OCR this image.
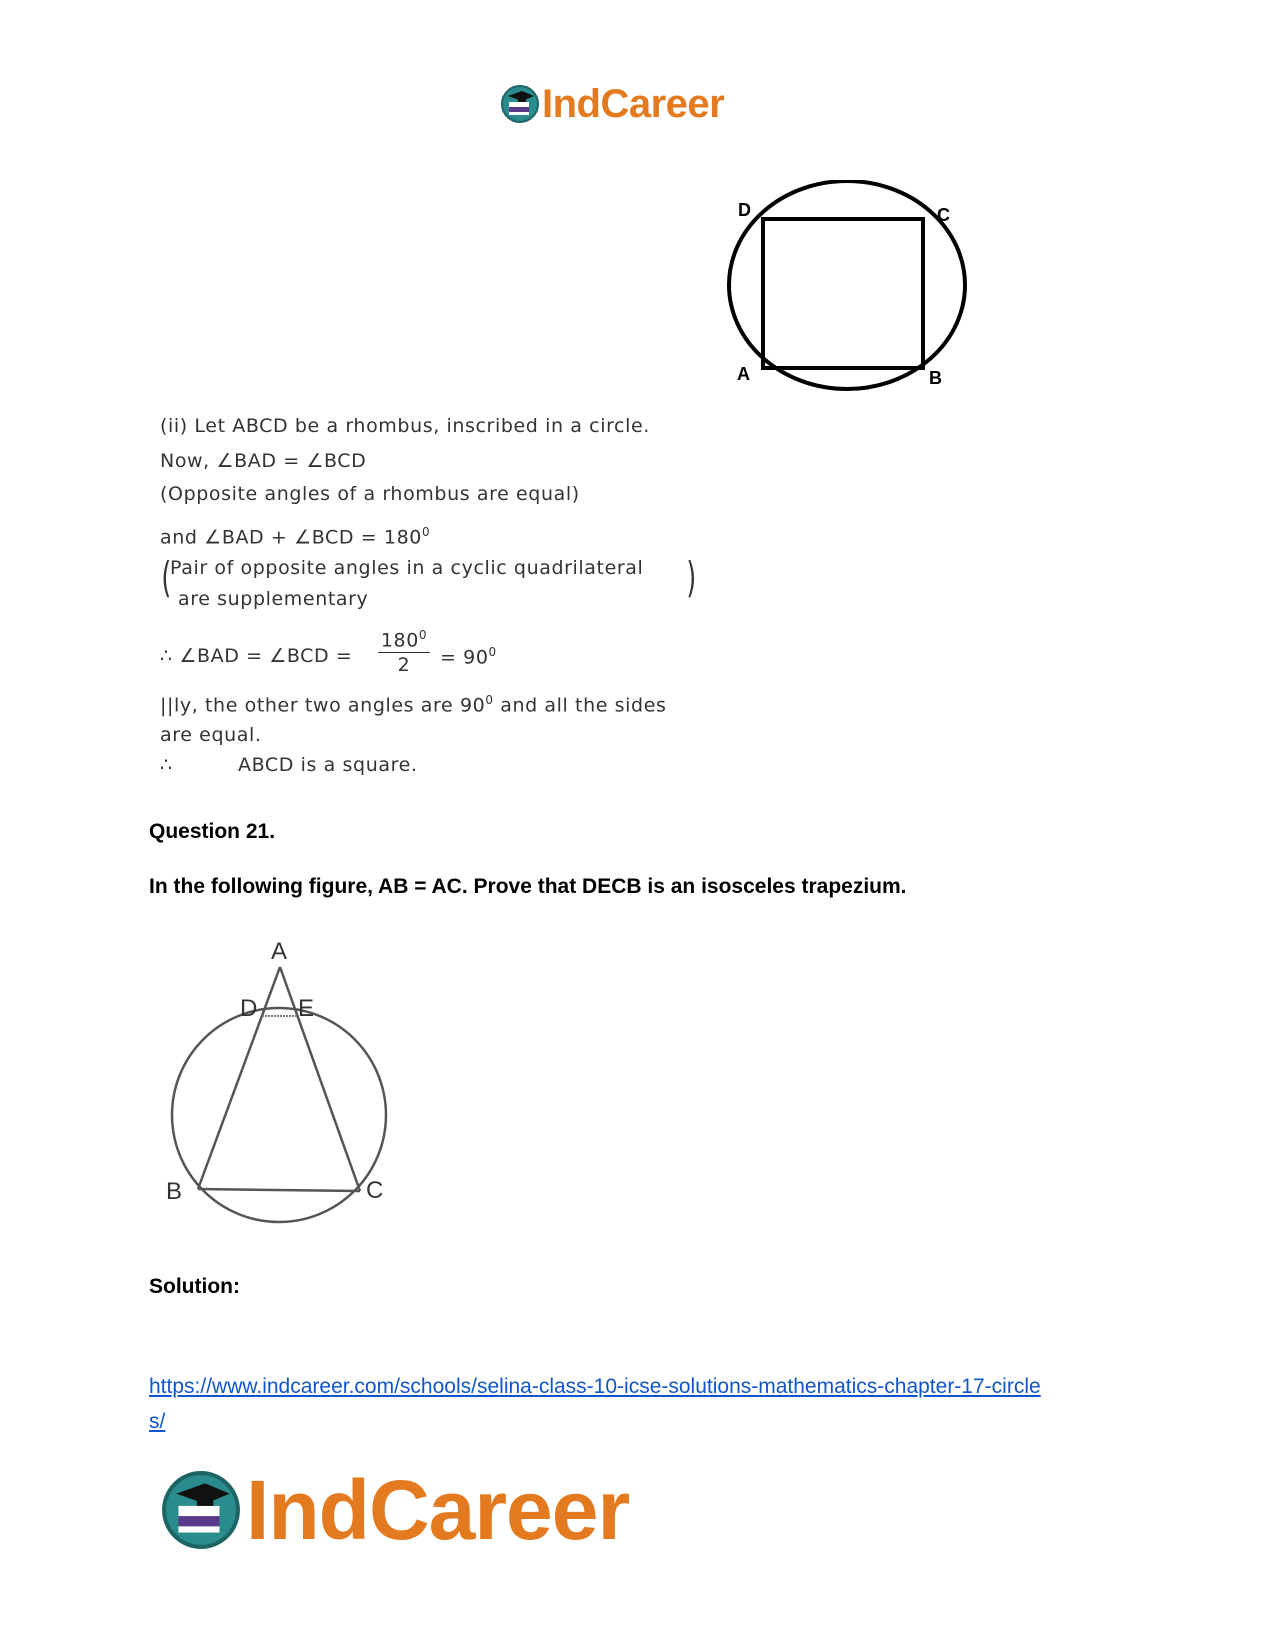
IndCareer
D	C
A	B
(ii) Let ABCD be a rhombus, inscribed in a circle.
Now, ∠BAD = ∠BCD
(Opposite angles of a rhombus are equal)
and ∠BAD + ∠BCD = $180^0$
(
Pair of opposite angles in a cyclic quadrilateral
are supplementary	)
∴ ∠BAD = ∠BCD = $\frac{180^0}{2} = 90^0$
||ly, the other two angles are $90^0$ and all the sides
are equal.
∴	ABCD is a square.
Question 21.
In the following figure, AB = AC. Prove that DECB is an isosceles trapezium.
A
D E
B	C
Solution:
https://www.indcareer.com/schools/selina-class-10-icse-solutions-mathematics-chapter-17-circle
s/
IndCareer
